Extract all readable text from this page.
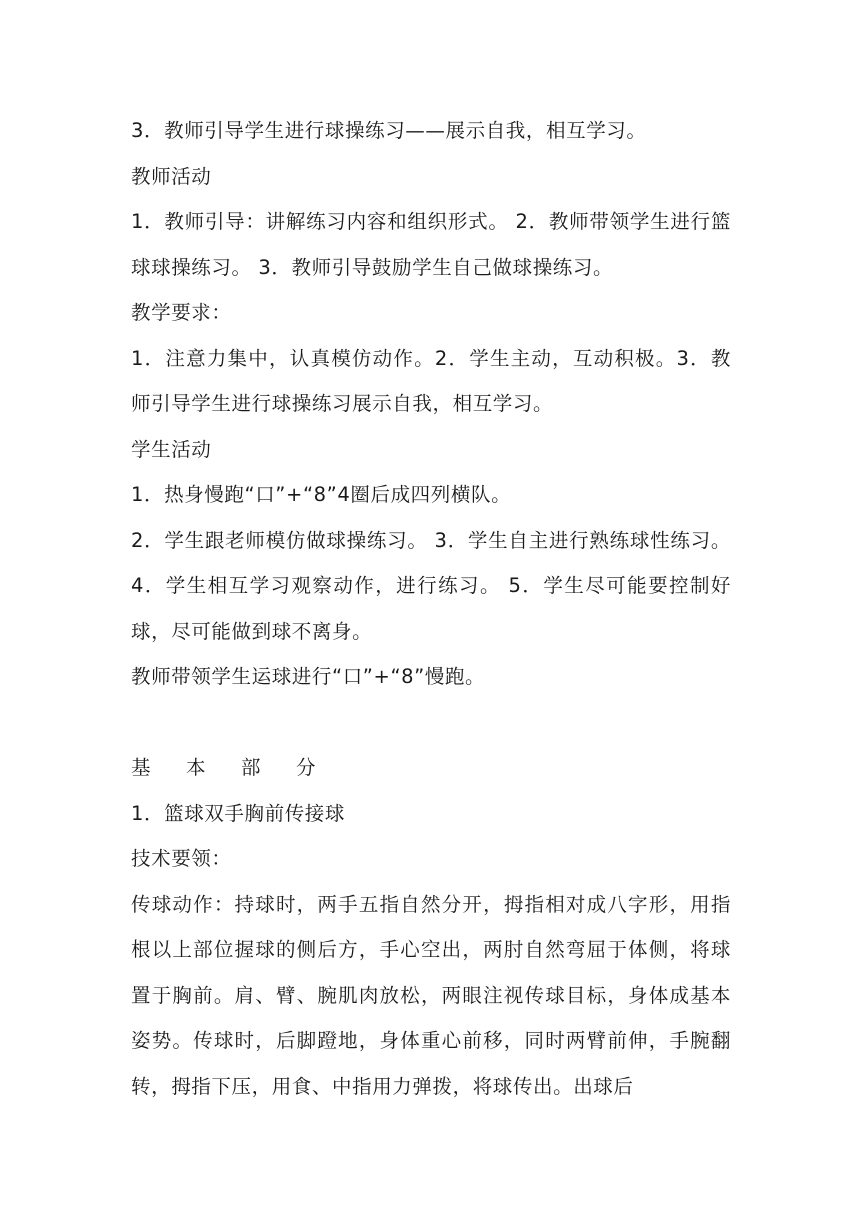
3．教师引导学生进行球操练习——展示自我，相互学习。

教师活动

1．教师引导：讲解练习内容和组织形式。 2．教师带领学生进行篮球球操练习。 3．教师引导鼓励学生自己做球操练习。

教学要求：

1．注意力集中，认真模仿动作。2．学生主动，互动积极。3．教师引导学生进行球操练习展示自我，相互学习。

学生活动

1．热身慢跑“口”+“8”4圈后成四列横队。

2．学生跟老师模仿做球操练习。 3．学生自主进行熟练球性练习。 4．学生相互学习观察动作，进行练习。 5．学生尽可能要控制好球，尽可能做到球不离身。

教师带领学生运球进行“口”+“8”慢跑。

基	本	部	分

1．篮球双手胸前传接球

技术要领：

传球动作：持球时，两手五指自然分开，拇指相对成八字形，用指根以上部位握球的侧后方，手心空出，两肘自然弯屈于体侧，将球置于胸前。肩、臂、腕肌肉放松，两眼注视传球目标，身体成基本姿势。传球时，后脚蹬地，身体重心前移，同时两臂前伸，手腕翻转，拇指下压，用食、中指用力弹拨，将球传出。出球后
